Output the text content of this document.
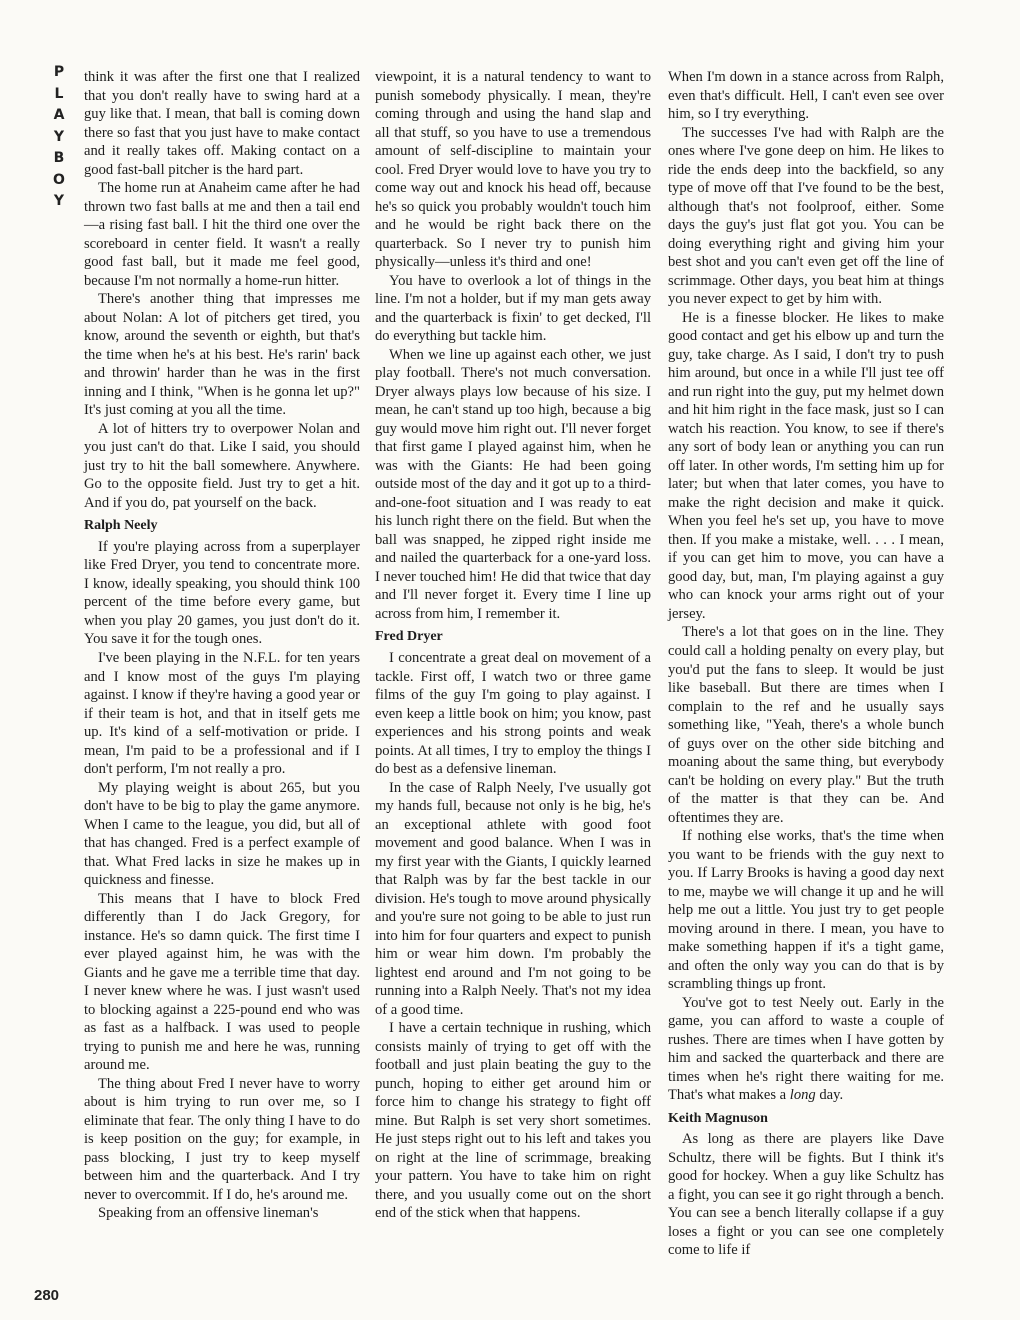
P
L
A
Y
B
O
Y

think it was after the first one that I realized that you don't really have to swing hard at a guy like that. I mean, that ball is coming down there so fast that you just have to make contact and it really takes off. Making contact on a good fast-ball pitcher is the hard part.

The home run at Anaheim came after he had thrown two fast balls at me and then a tail end—a rising fast ball. I hit the third one over the scoreboard in center field. It wasn't a really good fast ball, but it made me feel good, because I'm not normally a home-run hitter.

There's another thing that impresses me about Nolan: A lot of pitchers get tired, you know, around the seventh or eighth, but that's the time when he's at his best. He's rarin' back and throwin' harder than he was in the first inning and I think, "When is he gonna let up?" It's just coming at you all the time.

A lot of hitters try to overpower Nolan and you just can't do that. Like I said, you should just try to hit the ball somewhere. Anywhere. Go to the opposite field. Just try to get a hit. And if you do, pat yourself on the back.

Ralph Neely

If you're playing across from a superplayer like Fred Dryer, you tend to concentrate more. I know, ideally speaking, you should think 100 percent of the time before every game, but when you play 20 games, you just don't do it. You save it for the tough ones.

I've been playing in the N.F.L. for ten years and I know most of the guys I'm playing against. I know if they're having a good year or if their team is hot, and that in itself gets me up. It's kind of a self-motivation or pride. I mean, I'm paid to be a professional and if I don't perform, I'm not really a pro.

My playing weight is about 265, but you don't have to be big to play the game anymore. When I came to the league, you did, but all of that has changed. Fred is a perfect example of that. What Fred lacks in size he makes up in quickness and finesse.

This means that I have to block Fred differently than I do Jack Gregory, for instance. He's so damn quick. The first time I ever played against him, he was with the Giants and he gave me a terrible time that day. I never knew where he was. I just wasn't used to blocking against a 225-pound end who was as fast as a halfback. I was used to people trying to punish me and here he was, running around me.

The thing about Fred I never have to worry about is him trying to run over me, so I eliminate that fear. The only thing I have to do is keep position on the guy; for example, in pass blocking, I just try to keep myself between him and the quarterback. And I try never to overcommit. If I do, he's around me.

Speaking from an offensive lineman's

viewpoint, it is a natural tendency to want to punish somebody physically. I mean, they're coming through and using the hand slap and all that stuff, so you have to use a tremendous amount of self-discipline to maintain your cool. Fred Dryer would love to have you try to come way out and knock his head off, because he's so quick you probably wouldn't touch him and he would be right back there on the quarterback. So I never try to punish him physically—unless it's third and one!

You have to overlook a lot of things in the line. I'm not a holder, but if my man gets away and the quarterback is fixin' to get decked, I'll do everything but tackle him.

When we line up against each other, we just play football. There's not much conversation. Dryer always plays low because of his size. I mean, he can't stand up too high, because a big guy would move him right out. I'll never forget that first game I played against him, when he was with the Giants: He had been going outside most of the day and it got up to a third-and-one-foot situation and I was ready to eat his lunch right there on the field. But when the ball was snapped, he zipped right inside me and nailed the quarterback for a one-yard loss. I never touched him! He did that twice that day and I'll never forget it. Every time I line up across from him, I remember it.

Fred Dryer

I concentrate a great deal on movement of a tackle. First off, I watch two or three game films of the guy I'm going to play against. I even keep a little book on him; you know, past experiences and his strong points and weak points. At all times, I try to employ the things I do best as a defensive lineman.

In the case of Ralph Neely, I've usually got my hands full, because not only is he big, he's an exceptional athlete with good foot movement and good balance. When I was in my first year with the Giants, I quickly learned that Ralph was by far the best tackle in our division. He's tough to move around physically and you're sure not going to be able to just run into him for four quarters and expect to punish him or wear him down. I'm probably the lightest end around and I'm not going to be running into a Ralph Neely. That's not my idea of a good time.

I have a certain technique in rushing, which consists mainly of trying to get off with the football and just plain beating the guy to the punch, hoping to either get around him or force him to change his strategy to fight off mine. But Ralph is set very short sometimes. He just steps right out to his left and takes you on right at the line of scrimmage, breaking your pattern. You have to take him on right there, and you usually come out on the short end of the stick when that happens.

When I'm down in a stance across from Ralph, even that's difficult. Hell, I can't even see over him, so I try everything.

The successes I've had with Ralph are the ones where I've gone deep on him. He likes to ride the ends deep into the backfield, so any type of move off that I've found to be the best, although that's not foolproof, either. Some days the guy's just flat got you. You can be doing everything right and giving him your best shot and you can't even get off the line of scrimmage. Other days, you beat him at things you never expect to get by him with.

He is a finesse blocker. He likes to make good contact and get his elbow up and turn the guy, take charge. As I said, I don't try to push him around, but once in a while I'll just tee off and run right into the guy, put my helmet down and hit him right in the face mask, just so I can watch his reaction. You know, to see if there's any sort of body lean or anything you can run off later. In other words, I'm setting him up for later; but when that later comes, you have to make the right decision and make it quick. When you feel he's set up, you have to move then. If you make a mistake, well. . . . I mean, if you can get him to move, you can have a good day, but, man, I'm playing against a guy who can knock your arms right out of your jersey.

There's a lot that goes on in the line. They could call a holding penalty on every play, but you'd put the fans to sleep. It would be just like baseball. But there are times when I complain to the ref and he usually says something like, "Yeah, there's a whole bunch of guys over on the other side bitching and moaning about the same thing, but everybody can't be holding on every play." But the truth of the matter is that they can be. And oftentimes they are.

If nothing else works, that's the time when you want to be friends with the guy next to you. If Larry Brooks is having a good day next to me, maybe we will change it up and he will help me out a little. You just try to get people moving around in there. I mean, you have to make something happen if it's a tight game, and often the only way you can do that is by scrambling things up front.

You've got to test Neely out. Early in the game, you can afford to waste a couple of rushes. There are times when I have gotten by him and sacked the quarterback and there are times when he's right there waiting for me. That's what makes a long day.

Keith Magnuson

As long as there are players like Dave Schultz, there will be fights. But I think it's good for hockey. When a guy like Schultz has a fight, you can see it go right through a bench. You can see a bench literally collapse if a guy loses a fight or you can see one completely come to life if

280
